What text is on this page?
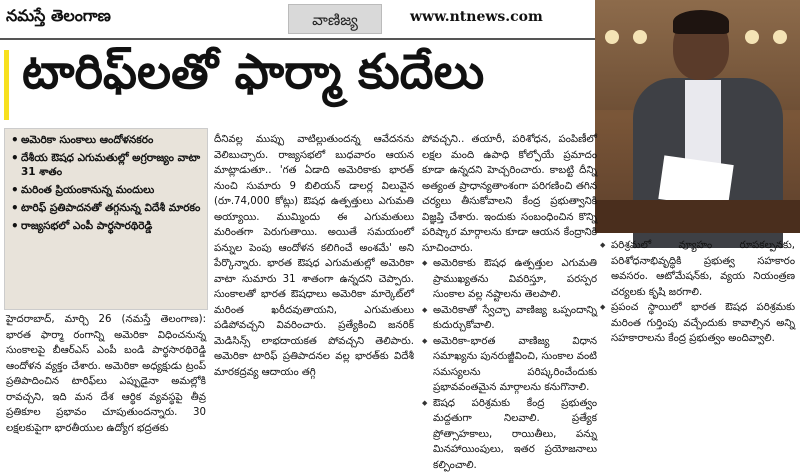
నమస్తే తెలంగాణ	వాణిజ్య	www.ntnews.com
టారిఫ్‌లతో ఫార్మా కుదేలు
• అమెరికా సుంకాలు ఆందోళనకరం
• దేశీయ ఔషధ ఎగుమతుల్లో అగ్రరాజ్యం వాటా 31 శాతం
• మరింత ప్రియంకానున్న మందులు
• టారిఫ్ ప్రతిపాదనతో తగ్గనున్న విదేశీ మారకం
• రాజ్యసభలో ఎంపీ పార్థసారథిరెడ్డి

హైదరాబాద్, మార్చి 26 (నమస్తే తెలంగాణ): భారత ఫార్మా రంగాన్ని అమెరికా విధించనున్న సుంకాలపై బీఆర్‌ఎస్ ఎంపీ బండి పార్థసారథిరెడ్డి ఆందోళన వ్యక్తం చేశారు. అమెరికా అధ్యక్షుడు ట్రంప్ ప్రతిపాదించిన టారిఫ్‌లు ఎప్పుడైనా అమల్లోకి రావచ్చని, ఇది మన దేశ ఆర్థిక వ్యవస్థపై తీవ్ర ప్రతికూల ప్రభావం చూపుతుందన్నారు. 30 లక్షలకుపైగా భారతీయుల ఉద్యోగ భద్రతకు

దీనివల్ల ముప్పు వాటిల్లుతుందన్న ఆవేదనను వెలిబుచ్చారు. రాజ్యసభలో బుధవారం ఆయన మాట్లాడుతూ.. 'గత ఏడాది అమెరికాకు భారత్ నుంచి సుమారు 9 బిలియన్ డాలర్ల విలువైన (రూ.74,000 కోట్లు) ఔషధ ఉత్పత్తులు ఎగుమతి అయ్యాయి. ముమ్మిందు ఈ ఎగుమతులు మరింతగా పెరుగుతాయి. అయితే సమయంలో పన్నుల పెంపు ఆందోళన కలిగించే అంశమే' అని పేర్కొన్నారు. భారత ఔషధ ఎగుమతుల్లో అమెరికా వాటా సుమారు 31 శాతంగా ఉన్నదని చెప్పారు. సుంకాలతో భారత ఔషధాలు అమెరికా మార్కెట్‌లో మరింత ఖరీదవుతాయని, ఎగుమతులు పడిపోవచ్చని వివరించారు. ప్రత్యేకించి జనరిక్ మెడిసిన్స్ లాభదాయకత పోవచ్చని తెలిపారు. అమెరికా టారిఫ్ ప్రతిపాదనల వల్ల భారత్‌కు విదేశీ మారకద్రవ్య ఆదాయం తగ్గి

పోవచ్చని.. తయారీ, పరిశోధన, పంపిణీలో లక్షల మంది ఉపాధి కోల్పోయే ప్రమాదం కూడా ఉన్నదని హెచ్చరించారు. కాబట్టి దీన్ని అత్యంత ప్రాధాన్యతాంశంగా పరిగణించి తగిన చర్యలు తీసుకోవాలని కేంద్ర ప్రభుత్వానికి విజ్ఞప్తి చేశారు. ఇందుకు సంబంధించిన కొన్ని పరిష్కార మార్గాలను కూడా ఆయన కేంద్రానికి సూచించారు.

◆ అమెరికాకు ఔషధ ఉత్పత్తుల ఎగుమతి ప్రాముఖ్యతను వివరిస్తూ, పరస్పర సుంకాల వల్ల నష్టాలను తెలపాలి.
◆ అమెరికాతో స్వేచ్ఛా వాణిజ్య ఒప్పందాన్ని కుదుర్చుకోవాలి.
◆ అమెరికా-భారత వాణిజ్య విధాన సమాఖ్యను పునరుజ్జీవించి, సుంకాల వంటి సమస్యలను పరిష్కరించేందుకు ప్రభావవంతమైన మార్గాలను కనుగొనాలి.
◆ ఔషధ పరిశ్రమకు కేంద్ర ప్రభుత్వం మద్దతుగా నిలవాలి. ప్రత్యేక ప్రోత్సాహకాలు, రాయితీలు, పన్ను మినహాయింపులు, ఇతర ప్రయోజనాలు కల్పించాలి.
◆ పరిశ్రమలో వ్యూహం రూపకల్పనకు, పరిశోధనాభివృద్ధికి ప్రభుత్వ సహకారం అవసరం. ఆటోమేషన్‌కు, వ్యయ నియంత్రణ చర్యలకు కృషి జరగాలి.
◆ ప్రపంచ స్థాయిలో భారత ఔషధ పరిశ్రమకు మరింత గుర్తింపు వచ్చేందుకు కావాల్సిన అన్ని సహకారాలను కేంద్ర ప్రభుత్వం అందివ్వాలి.
